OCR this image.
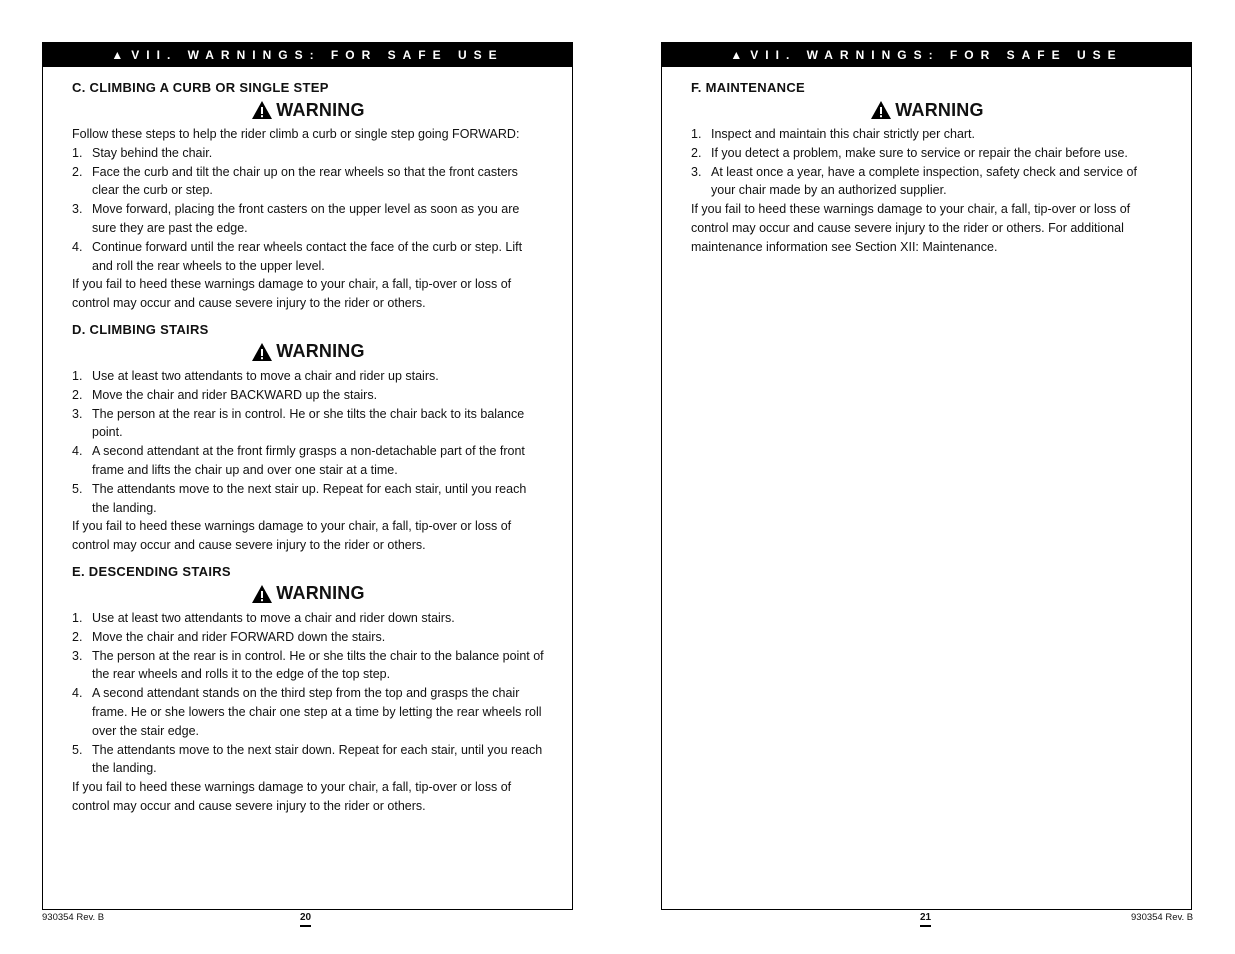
▲ VII. WARNINGS: FOR SAFE USE
C. CLIMBING A CURB OR SINGLE STEP
WARNING

Follow these steps to help the rider climb a curb or single step going FORWARD:

1. Stay behind the chair.
2. Face the curb and tilt the chair up on the rear wheels so that the front casters clear the curb or step.
3. Move forward, placing the front casters on the upper level as soon as you are sure they are past the edge.
4. Continue forward until the rear wheels contact the face of the curb or step. Lift and roll the rear wheels to the upper level.

If you fail to heed these warnings damage to your chair, a fall, tip-over or loss of control may occur and cause severe injury to the rider or others.

D. CLIMBING STAIRS
WARNING
1. Use at least two attendants to move a chair and rider up stairs.
2. Move the chair and rider BACKWARD up the stairs.
3. The person at the rear is in control. He or she tilts the chair back to its balance point.
4. A second attendant at the front firmly grasps a non-detachable part of the front frame and lifts the chair up and over one stair at a time.
5. The attendants move to the next stair up. Repeat for each stair, until you reach the landing.

If you fail to heed these warnings damage to your chair, a fall, tip-over or loss of control may occur and cause severe injury to the rider or others.

E. DESCENDING STAIRS
WARNING
1. Use at least two attendants to move a chair and rider down stairs.
2. Move the chair and rider FORWARD down the stairs.
3. The person at the rear is in control. He or she tilts the chair to the balance point of the rear wheels and rolls it to the edge of the top step.
4. A second attendant stands on the third step from the top and grasps the chair frame. He or she lowers the chair one step at a time by letting the rear wheels roll over the stair edge.
5. The attendants move to the next stair down. Repeat for each stair, until you reach the landing.

If you fail to heed these warnings damage to your chair, a fall, tip-over or loss of control may occur and cause severe injury to the rider or others.

930354 Rev. B	20
▲ VII. WARNINGS: FOR SAFE USE
F. MAINTENANCE
WARNING
1. Inspect and maintain this chair strictly per chart.
2. If you detect a problem, make sure to service or repair the chair before use.
3. At least once a year, have a complete inspection, safety check and service of your chair made by an authorized supplier.

If you fail to heed these warnings damage to your chair, a fall, tip-over or loss of control may occur and cause severe injury to the rider or others. For additional maintenance information see Section XII: Maintenance.

21	930354 Rev. B
